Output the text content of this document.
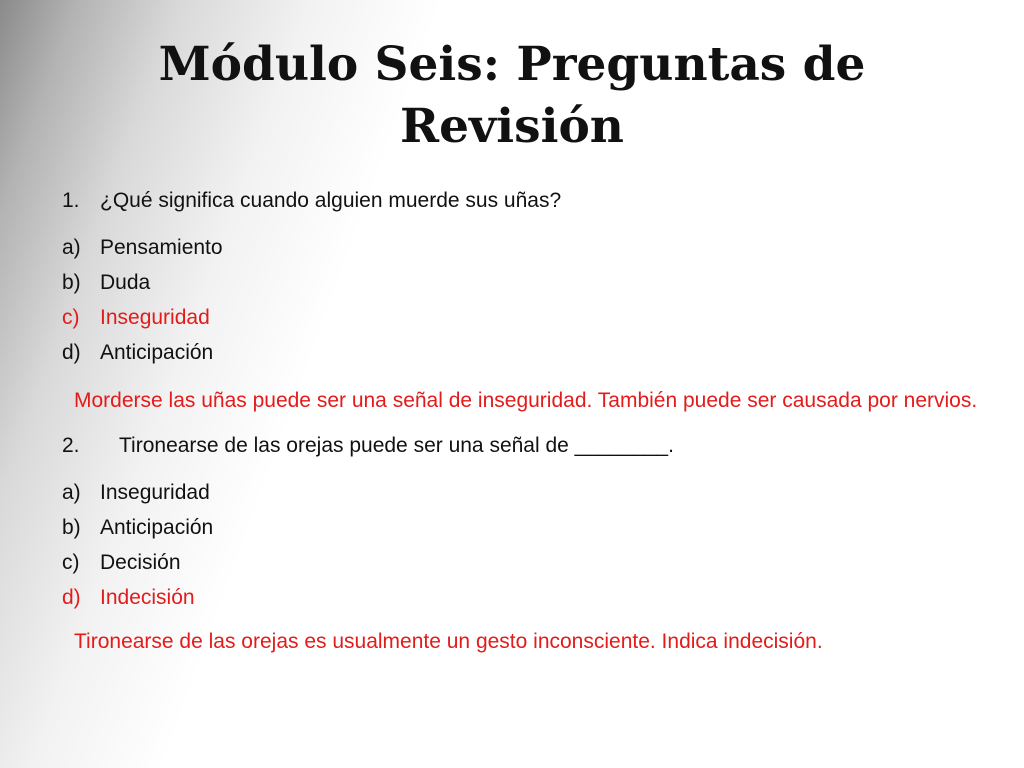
Módulo Seis: Preguntas de Revisión
1. ¿Qué significa cuando alguien muerde sus uñas?
a) Pensamiento
b) Duda
c) Inseguridad
d) Anticipación

Morderse las uñas puede ser una señal de inseguridad. También puede ser causada por nervios.

2.	Tironearse de las orejas puede ser una señal de ________.
a) Inseguridad
b) Anticipación
c) Decisión
d) Indecisión

Tironearse de las orejas es usualmente un gesto inconsciente. Indica indecisión.
